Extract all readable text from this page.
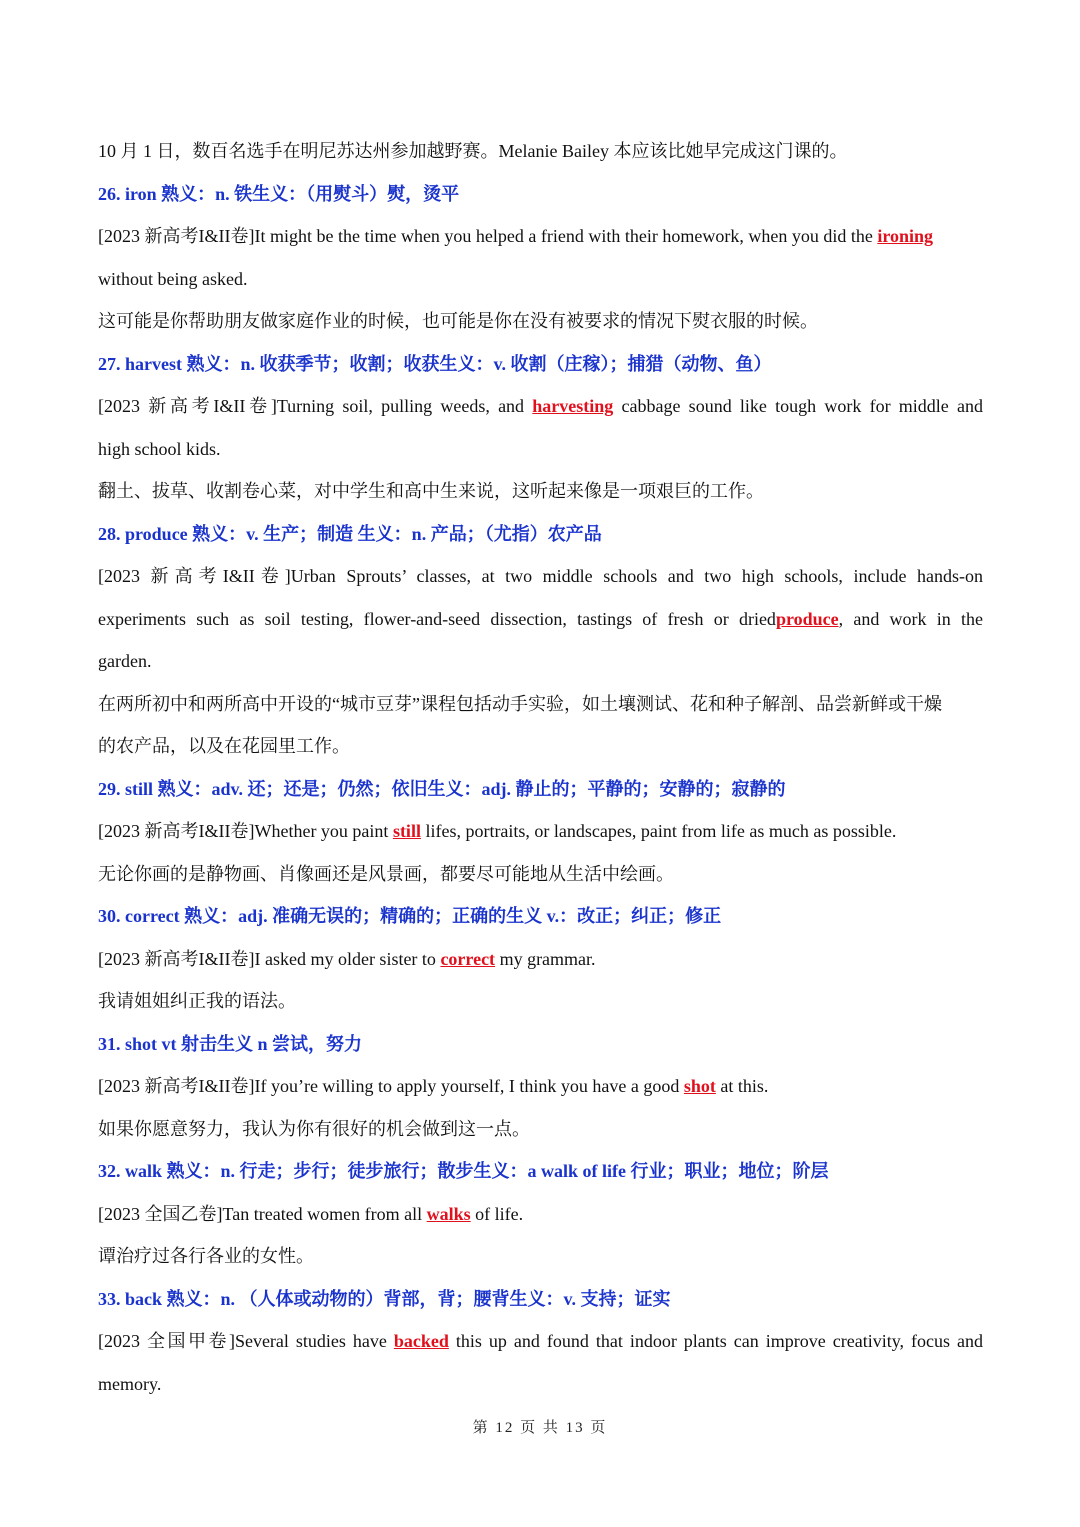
10 月 1 日，数百名选手在明尼苏达州参加越野赛。Melanie Bailey 本应该比她早完成这门课的。
26. iron 熟义：n. 铁生义：（用熨斗）熨，烫平
[2023 新高考I&II卷]It might be the time when you helped a friend with their homework, when you did the ironing
without being asked.
这可能是你帮助朋友做家庭作业的时候，也可能是你在没有被要求的情况下熨衣服的时候。
27. harvest 熟义：n. 收获季节；收割；收获生义：v. 收割（庄稼）；捕猎（动物、鱼）
[2023 新高考I&II卷]Turning soil, pulling weeds, and harvesting cabbage sound like tough work for middle and
high school kids.
翻土、拔草、收割卷心菜，对中学生和高中生来说，这听起来像是一项艰巨的工作。
28. produce 熟义：v. 生产；制造 生义：n. 产品；（尤指）农产品
[2023 新高考I&II卷]Urban Sprouts’ classes, at two middle schools and two high schools, include hands-on
experiments such as soil testing, flower-and-seed dissection, tastings of fresh or driedproduce, and work in the
garden.
在两所初中和两所高中开设的“城市豆芽”课程包括动手实验，如土壤测试、花和种子解剖、品尝新鲜或干燥
的农产品，以及在花园里工作。
29. still 熟义：adv. 还；还是；仍然；依旧生义：adj. 静止的；平静的；安静的；寂静的
[2023 新高考I&II卷]Whether you paint still lifes, portraits, or landscapes, paint from life as much as possible.
无论你画的是静物画、肖像画还是风景画，都要尽可能地从生活中绘画。
30. correct 熟义：adj. 准确无误的；精确的；正确的生义 v.：改正；纠正；修正
[2023 新高考I&II卷]I asked my older sister to correct my grammar.
我请姐姐纠正我的语法。
31. shot vt 射击生义 n 尝试，努力
[2023 新高考I&II卷]If you’re willing to apply yourself, I think you have a good shot at this.
如果你愿意努力，我认为你有很好的机会做到这一点。
32. walk 熟义：n. 行走；步行；徒步旅行；散步生义：a walk of life 行业；职业；地位；阶层
[2023 全国乙卷]Tan treated women from all walks of life.
谭治疗过各行各业的女性。
33. back 熟义：n. （人体或动物的）背部，背；腰背生义：v. 支持；证实
[2023 全国甲卷]Several studies have backed this up and found that indoor plants can improve creativity, focus and
memory.
第 12 页 共 13 页
